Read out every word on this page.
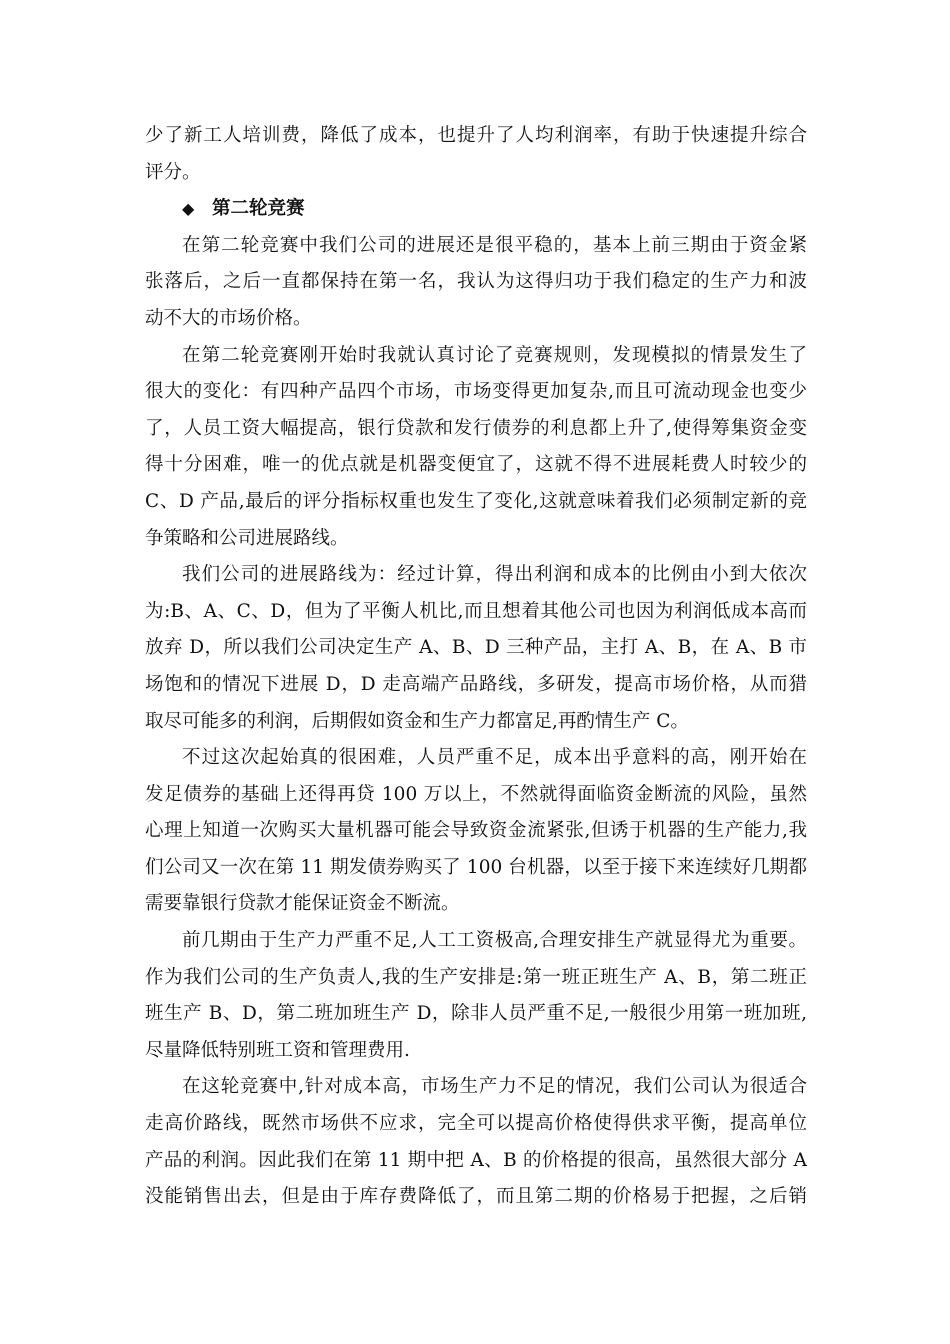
少了新工人培训费，降低了成本，也提升了人均利润率，有助于快速提升综合
评分。
◆ 第二轮竞赛
在第二轮竞赛中我们公司的进展还是很平稳的，基本上前三期由于资金紧
张落后，之后一直都保持在第一名，我认为这得归功于我们稳定的生产力和波
动不大的市场价格。
在第二轮竞赛刚开始时我就认真讨论了竞赛规则，发现模拟的情景发生了
很大的变化：有四种产品四个市场，市场变得更加复杂,而且可流动现金也变少
了，人员工资大幅提高，银行贷款和发行债券的利息都上升了,使得筹集资金变
得十分困难，唯一的优点就是机器变便宜了，这就不得不进展耗费人时较少的
C、D 产品,最后的评分指标权重也发生了变化,这就意味着我们必须制定新的竞
争策略和公司进展路线。
我们公司的进展路线为：经过计算，得出利润和成本的比例由小到大依次
为:B、A、C、D，但为了平衡人机比,而且想着其他公司也因为利润低成本高而
放弃 D，所以我们公司决定生产 A、B、D 三种产品，主打 A、B，在 A、B 市
场饱和的情况下进展 D，D 走高端产品路线，多研发，提高市场价格，从而猎
取尽可能多的利润，后期假如资金和生产力都富足,再酌情生产 C。
不过这次起始真的很困难，人员严重不足，成本出乎意料的高，刚开始在
发足债券的基础上还得再贷 100 万以上，不然就得面临资金断流的风险，虽然
心理上知道一次购买大量机器可能会导致资金流紧张,但诱于机器的生产能力,我
们公司又一次在第 11 期发债券购买了 100 台机器，以至于接下来连续好几期都
需要靠银行贷款才能保证资金不断流。
前几期由于生产力严重不足,人工工资极高,合理安排生产就显得尤为重要。
作为我们公司的生产负责人,我的生产安排是:第一班正班生产 A、B，第二班正
班生产 B、D，第二班加班生产 D，除非人员严重不足,一般很少用第一班加班,
尽量降低特别班工资和管理费用.
在这轮竞赛中,针对成本高，市场生产力不足的情况，我们公司认为很适合
走高价路线，既然市场供不应求，完全可以提高价格使得供求平衡，提高单位
产品的利润。因此我们在第 11 期中把 A、B 的价格提的很高，虽然很大部分 A
没能销售出去，但是由于库存费降低了，而且第二期的价格易于把握，之后销
